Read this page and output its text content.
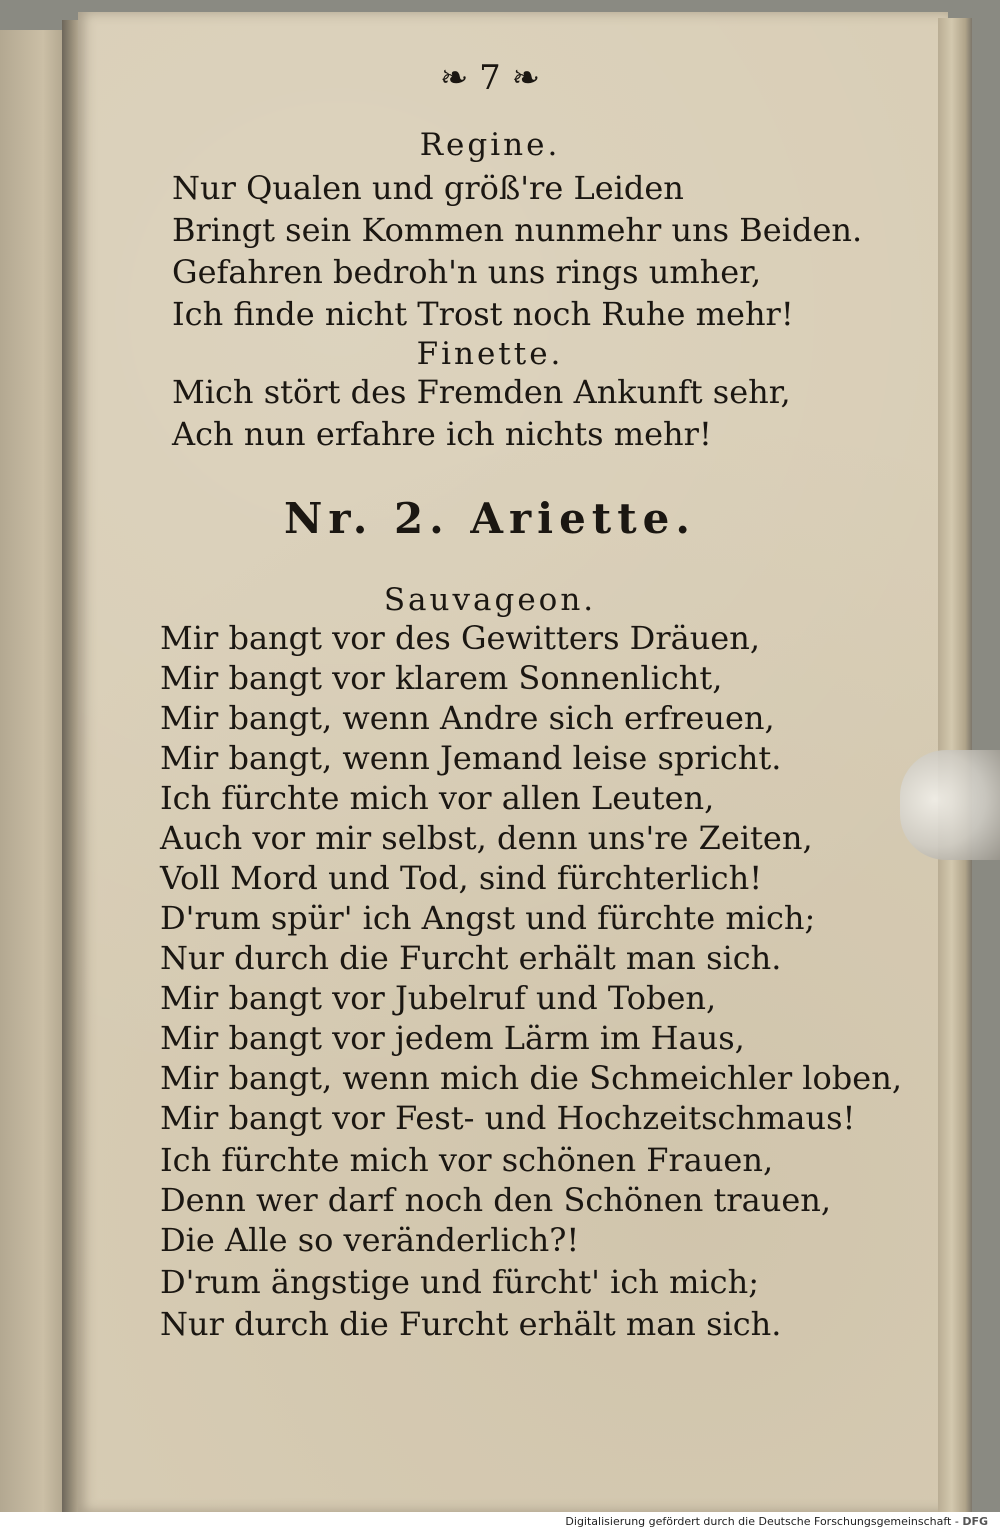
❧ 7 ❧
Regine.
Nur Qualen und größ're Leiden
Bringt sein Kommen nunmehr uns Beiden.
Gefahren bedroh'n uns rings umher,
Ich finde nicht Trost noch Ruhe mehr!
Finette.
Mich stört des Fremden Ankunft sehr,
Ach nun erfahre ich nichts mehr!
Nr. 2. Ariette.
Sauvageon.
Mir bangt vor des Gewitters Dräuen,
Mir bangt vor klarem Sonnenlicht,
Mir bangt, wenn Andre sich erfreuen,
Mir bangt, wenn Jemand leise spricht.
Ich fürchte mich vor allen Leuten,
Auch vor mir selbst, denn uns're Zeiten,
Voll Mord und Tod, sind fürchterlich!
D'rum spür' ich Angst und fürchte mich;
Nur durch die Furcht erhält man sich.
Mir bangt vor Jubelruf und Toben,
Mir bangt vor jedem Lärm im Haus,
Mir bangt, wenn mich die Schmeichler loben,
Mir bangt vor Fest- und Hochzeitschmaus!
Ich fürchte mich vor schönen Frauen,
Denn wer darf noch den Schönen trauen,
Die Alle so veränderlich?!
D'rum ängstige und fürcht' ich mich;
Nur durch die Furcht erhält man sich.
Digitalisierung gefördert durch die Deutsche Forschungsgemeinschaft - DFG
